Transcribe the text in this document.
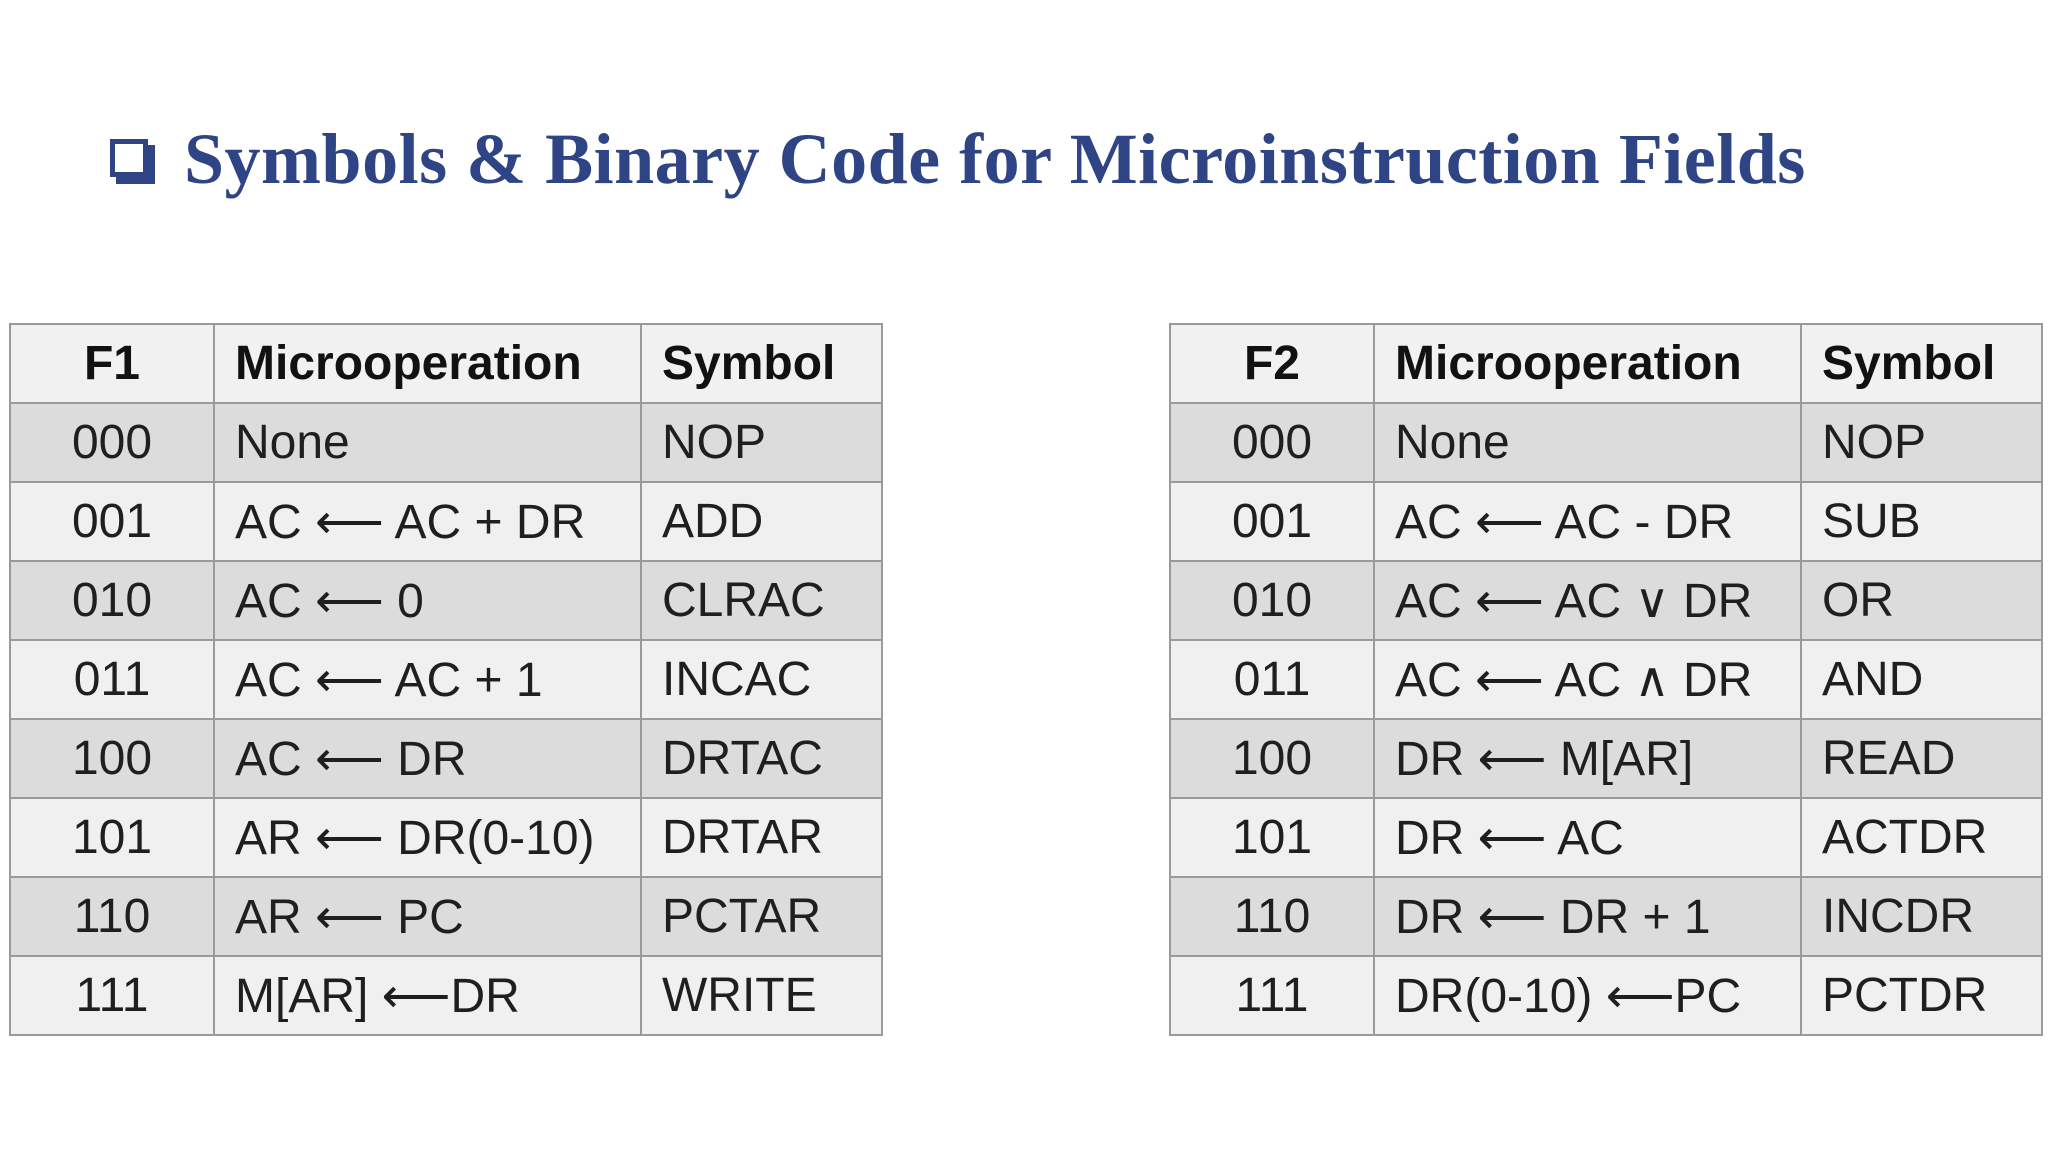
Symbols & Binary Code for Microinstruction Fields
F1	Microoperation	Symbol
000	None	NOP
001	AC ⟵ AC + DR	ADD
010	AC ⟵ 0	CLRAC
011	AC ⟵ AC + 1	INCAC
100	AC ⟵ DR	DRTAC
101	AR ⟵ DR(0-10)	DRTAR
110	AR ⟵ PC	PCTAR
111	M[AR] ⟵DR	WRITE
F2	Microoperation	Symbol
000	None	NOP
001	AC ⟵ AC - DR	SUB
010	AC ⟵ AC ∨ DR	OR
011	AC ⟵ AC ∧ DR	AND
100	DR ⟵ M[AR]	READ
101	DR ⟵ AC	ACTDR
110	DR ⟵ DR + 1	INCDR
111	DR(0-10) ⟵PC	PCTDR
